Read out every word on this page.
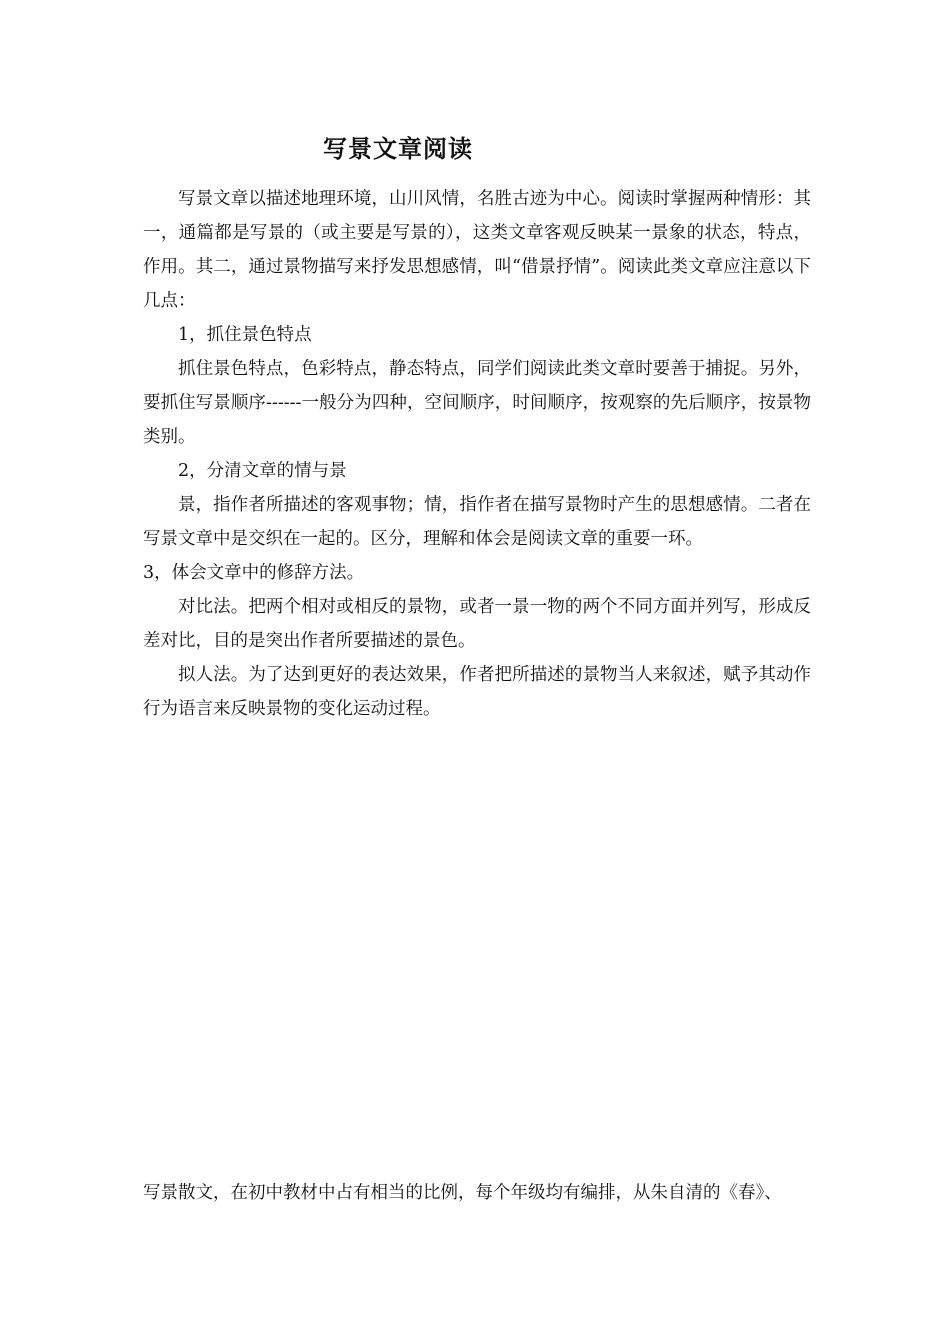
写景文章阅读

写景文章以描述地理环境，山川风情，名胜古迹为中心。阅读时掌握两种情形：其一，通篇都是写景的（或主要是写景的），这类文章客观反映某一景象的状态，特点，作用。其二，通过景物描写来抒发思想感情，叫“借景抒情”。阅读此类文章应注意以下几点：

1，抓住景色特点

抓住景色特点，色彩特点，静态特点，同学们阅读此类文章时要善于捕捉。另外，要抓住写景顺序------一般分为四种，空间顺序，时间顺序，按观察的先后顺序，按景物类别。

2，分清文章的情与景

景，指作者所描述的客观事物；情，指作者在描写景物时产生的思想感情。二者在写景文章中是交织在一起的。区分，理解和体会是阅读文章的重要一环。

3，体会文章中的修辞方法。

对比法。把两个相对或相反的景物，或者一景一物的两个不同方面并列写，形成反差对比，目的是突出作者所要描述的景色。

拟人法。为了达到更好的表达效果，作者把所描述的景物当人来叙述，赋予其动作行为语言来反映景物的变化运动过程。

写景散文，在初中教材中占有相当的比例，每个年级均有编排，从朱自清的《春》、
